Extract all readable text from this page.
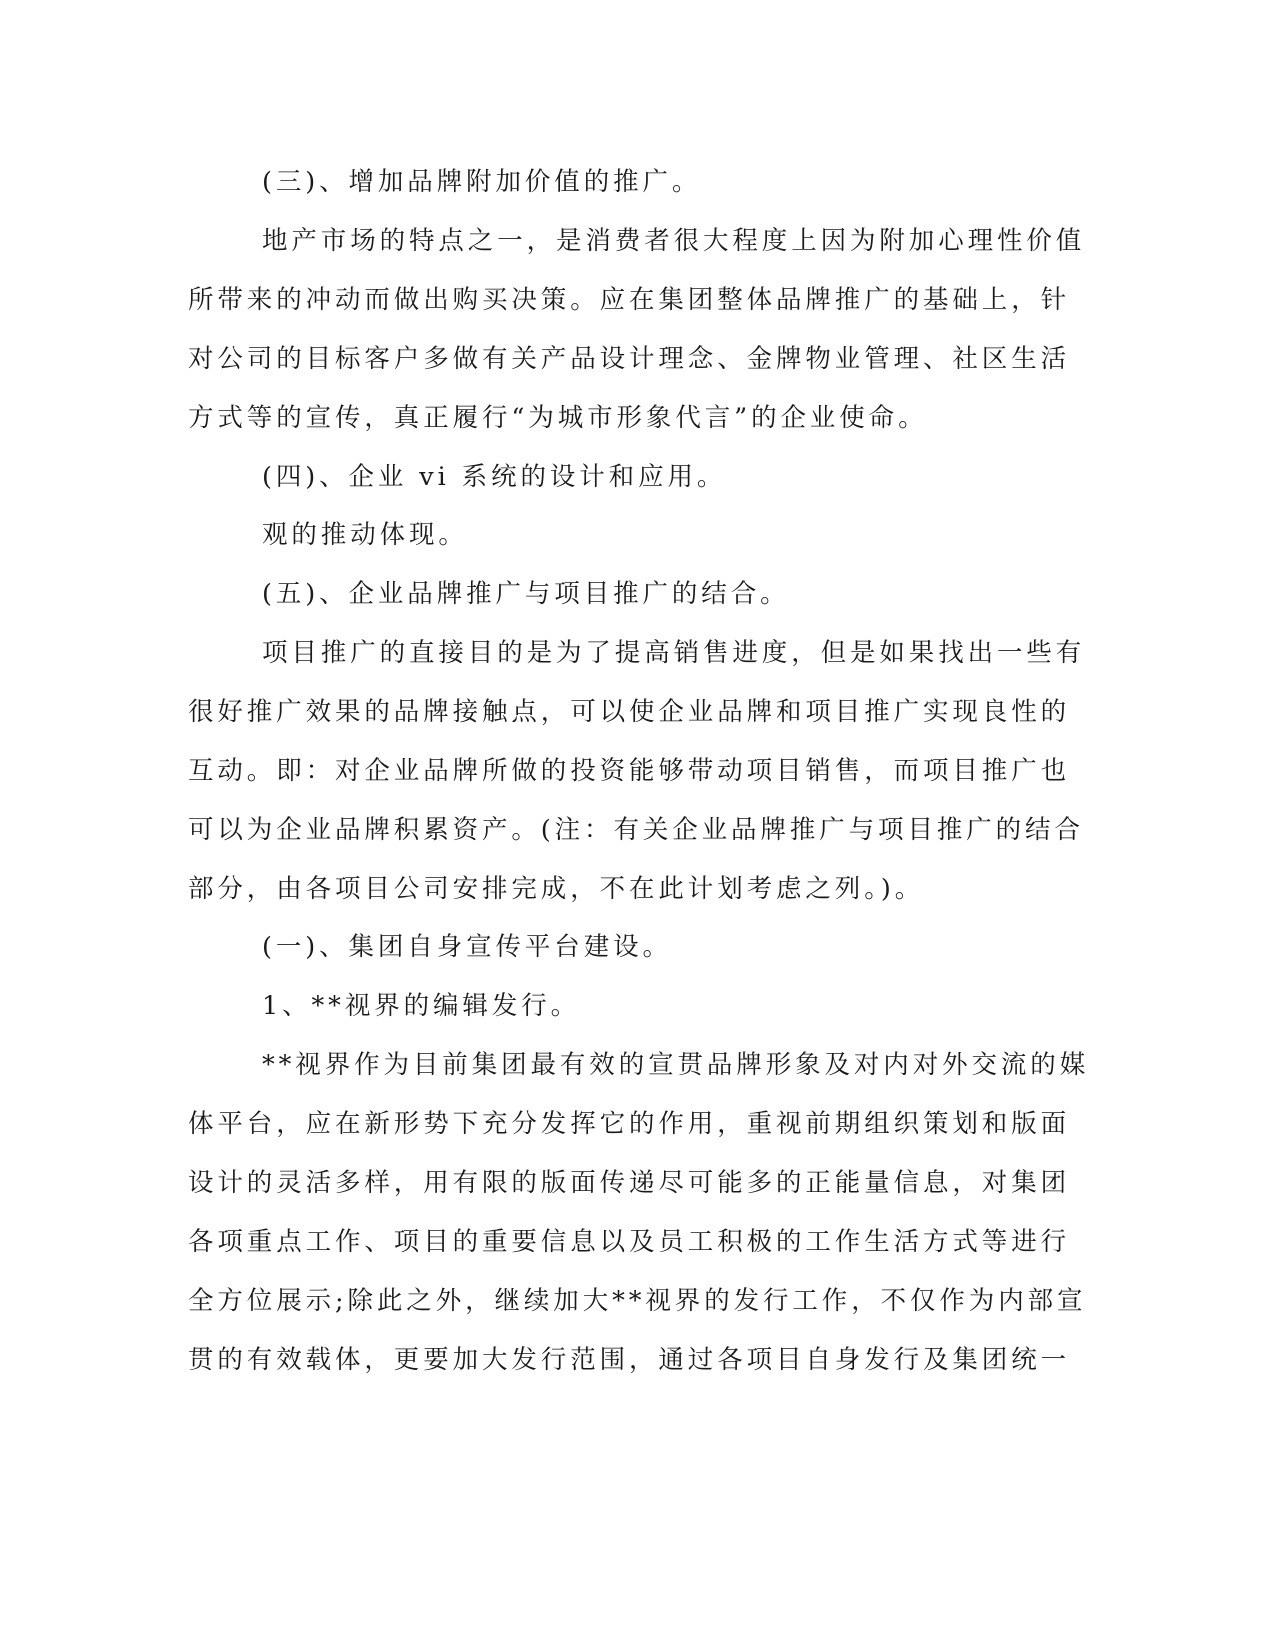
(三)、增加品牌附加价值的推广。
地产市场的特点之一，是消费者很大程度上因为附加心理性价值
所带来的冲动而做出购买决策。应在集团整体品牌推广的基础上，针
对公司的目标客户多做有关产品设计理念、金牌物业管理、社区生活
方式等的宣传，真正履行“为城市形象代言”的企业使命。
(四)、企业 vi 系统的设计和应用。
观的推动体现。
(五)、企业品牌推广与项目推广的结合。
项目推广的直接目的是为了提高销售进度，但是如果找出一些有
很好推广效果的品牌接触点，可以使企业品牌和项目推广实现良性的
互动。即：对企业品牌所做的投资能够带动项目销售，而项目推广也
可以为企业品牌积累资产。(注：有关企业品牌推广与项目推广的结合
部分，由各项目公司安排完成，不在此计划考虑之列。)。
(一)、集团自身宣传平台建设。
1、**视界的编辑发行。
**视界作为目前集团最有效的宣贯品牌形象及对内对外交流的媒
体平台，应在新形势下充分发挥它的作用，重视前期组织策划和版面
设计的灵活多样，用有限的版面传递尽可能多的正能量信息，对集团
各项重点工作、项目的重要信息以及员工积极的工作生活方式等进行
全方位展示;除此之外，继续加大**视界的发行工作，不仅作为内部宣
贯的有效载体，更要加大发行范围，通过各项目自身发行及集团统一
